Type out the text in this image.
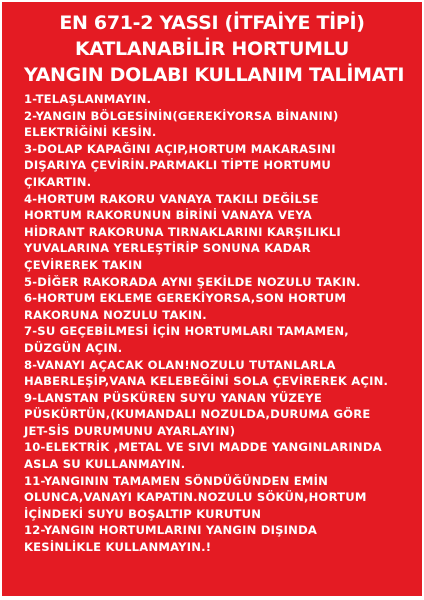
EN 671-2 YASSI (İTFAİYE TİPİ)
KATLANABİLİR HORTUMLU
YANGIN DOLABI KULLANIM TALİMATI
1-TELAŞLANMAYIN.
2-YANGIN BÖLGESİNİN(GEREKİYORSA BİNANIN)
ELEKTRİĞİNİ KESİN.
3-DOLAP KAPAĞINI AÇIP,HORTUM MAKARASINI
DIŞARIYA ÇEVİRİN.PARMAKLI TİPTE HORTUMU
ÇIKARTIN.
4-HORTUM RAKORU VANAYA TAKILI DEĞİLSE
HORTUM RAKORUNUN BİRİNİ VANAYA VEYA
HİDRANT RAKORUNA TIRNAKLARINI KARŞILIKLI
YUVALARINA YERLEŞTİRİP SONUNA KADAR
ÇEVİREREK TAKIN
5-DİĞER RAKORADA AYNI ŞEKİLDE NOZULU TAKIN.
6-HORTUM EKLEME GEREKİYORSA,SON HORTUM
RAKORUNA NOZULU TAKIN.
7-SU GEÇEBİLMESİ İÇİN HORTUMLARI TAMAMEN,
DÜZGÜN AÇIN.
8-VANAYI AÇACAK OLAN!NOZULU TUTANLARLA
HABERLEŞİP,VANA KELEBEĞİNİ SOLA ÇEVİREREK AÇIN.
9-LANSTAN PÜSKÜREN SUYU YANAN YÜZEYE
PÜSKÜRTÜN,(KUMANDALI NOZULDA,DURUMA GÖRE
JET-SİS DURUMUNU AYARLAYIN)
10-ELEKTRİK ,METAL VE SIVI MADDE YANGINLARINDA
ASLA SU KULLANMAYIN.
11-YANGININ TAMAMEN SÖNDÜĞÜNDEN EMİN
OLUNCA,VANAYI KAPATIN.NOZULU SÖKÜN,HORTUM
İÇİNDEKİ SUYU BOŞALTIP KURUTUN
12-YANGIN HORTUMLARINI YANGIN DIŞINDA
KESİNLİKLE KULLANMAYIN.!
